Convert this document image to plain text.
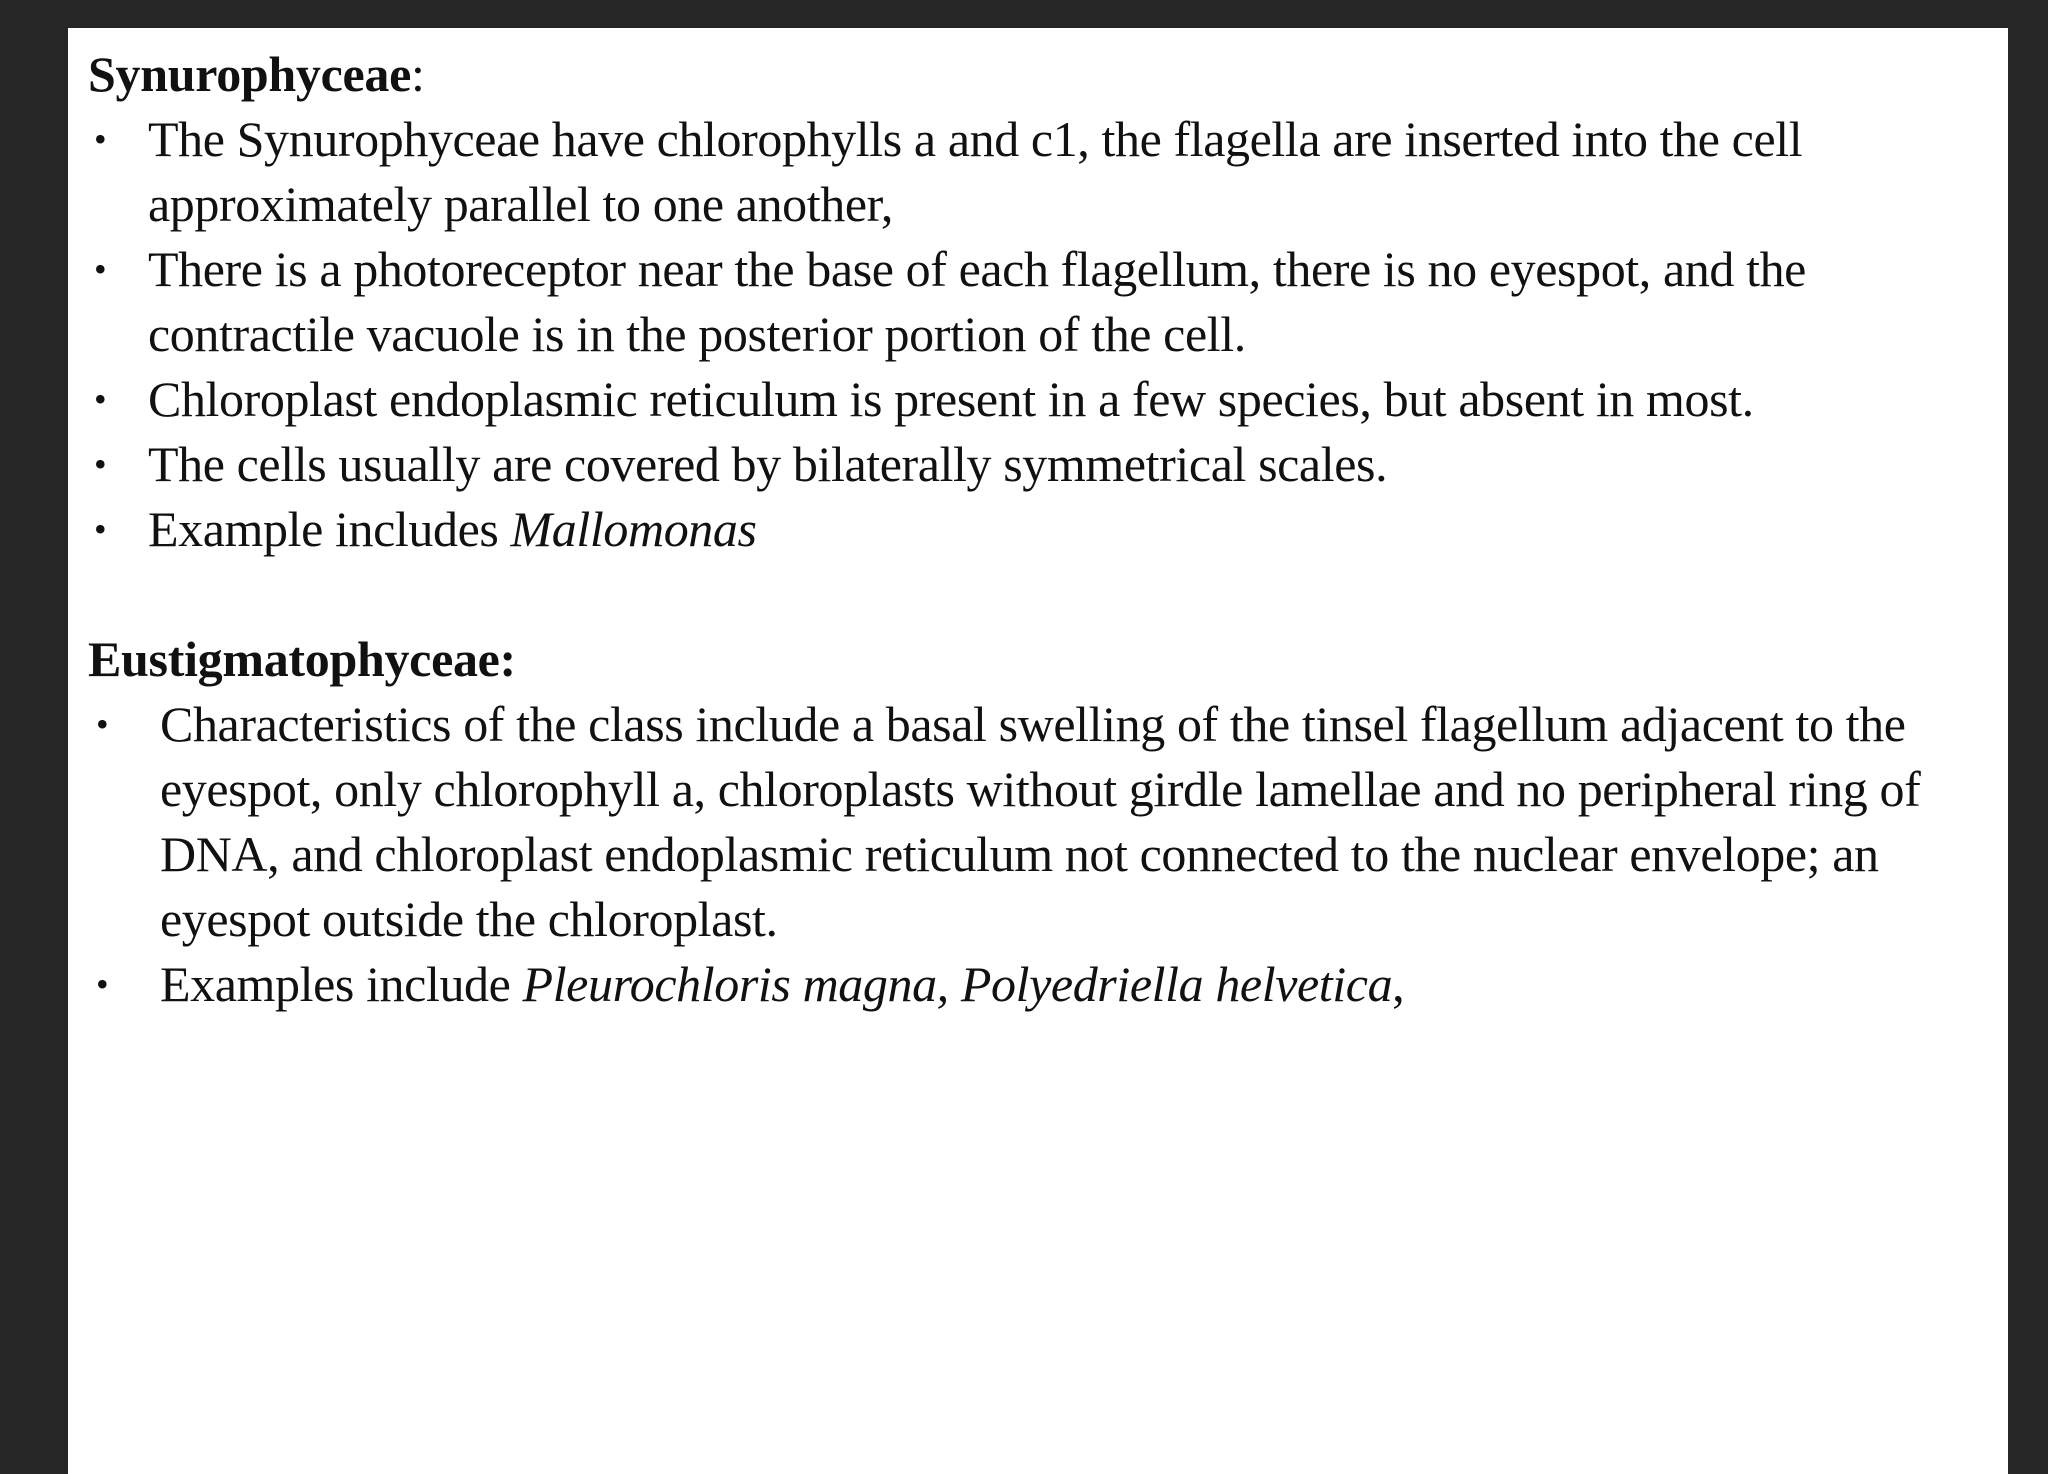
Synurophyceae:
• The Synurophyceae have chlorophylls a and c1, the flagella are inserted into the cell approximately parallel to one another,
• There is a photoreceptor near the base of each flagellum, there is no eyespot, and the contractile vacuole is in the posterior portion of the cell.
• Chloroplast endoplasmic reticulum is present in a few species, but absent in most.
• The cells usually are covered by bilaterally symmetrical scales.
• Example includes Mallomonas
Eustigmatophyceae:
• Characteristics of the class include a basal swelling of the tinsel flagellum adjacent to the eyespot, only chlorophyll a, chloroplasts without girdle lamellae and no peripheral ring of DNA, and chloroplast endoplasmic reticulum not connected to the nuclear envelope; an eyespot outside the chloroplast.
• Examples include Pleurochloris magna, Polyedriella helvetica,
